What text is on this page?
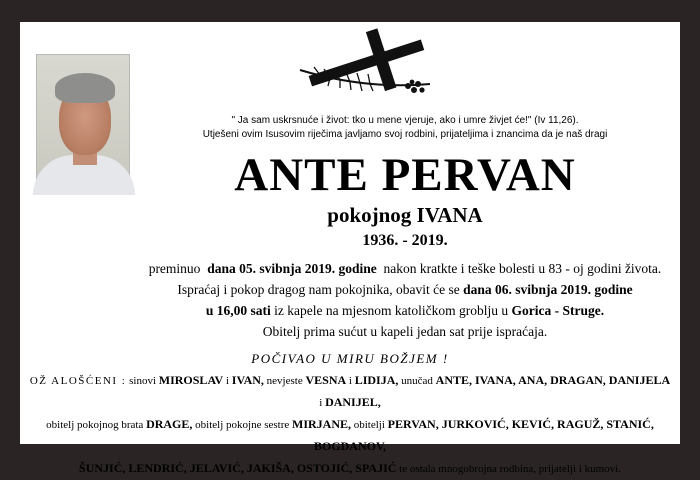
" Ja sam uskrsnuće i život: tko u mene vjeruje, ako i umre živjet će!" (Iv 11,26).
Utješeni ovim Isusovim riječima javljamo svoj rodbini, prijateljima i znancima da je naš dragi
ANTE PERVAN
pokojnog IVANA
1936. - 2019.
preminuo dana 05. svibnja 2019. godine nakon kratkte i teške bolesti u 83 - oj godini života.
Ispraćaj i pokop dragog nam pokojnika, obavit će se dana 06. svibnja 2019. godine
u 16,00 sati iz kapele na mjesnom katoličkom groblju u Gorica - Struge.
Obitelj prima sućut u kapeli jedan sat prije ispraćaja.
POČIVAO U MIRU BOŽJEM !
OŽ ALOŠĆENI : sinovi MIROSLAV i IVAN, nevjeste VESNA i LIDIJA, unučad ANTE, IVANA, ANA, DRAGAN, DANIJELA i DANIJEL,
obitelj pokojnog brata DRAGE, obitelj pokojne sestre MIRJANE, obitelji PERVAN, JURKOVIĆ, KEVIĆ, RAGUŽ, STANIĆ, BOGDANOV,
ŠUNJIĆ, LENDRIĆ, JELAVIĆ, JAKIŠA, OSTOJIĆ, SPAJIĆ te ostala mnogobrojna rodbina, prijatelji i kumovi.
